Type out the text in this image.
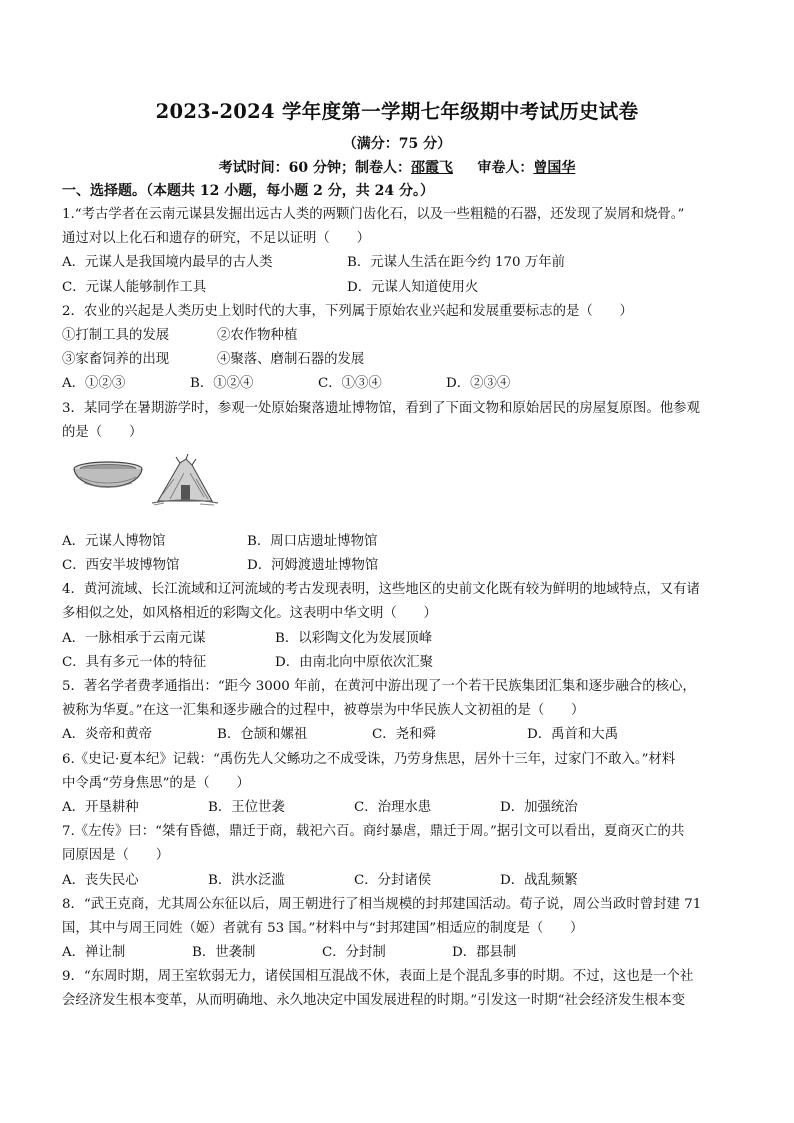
2023-2024 学年度第一学期七年级期中考试历史试卷
（满分：75 分）
考试时间：60 分钟；制卷人：邵霞飞 审卷人：曾国华
一、选择题。（本题共 12 小题，每小题 2 分，共 24 分。）
1.“考古学者在云南元谋县发掘出远古人类的两颗门齿化石，以及一些粗糙的石器，还发现了炭屑和烧骨。”
通过对以上化石和遗存的研究，不足以证明（　　）
A．元谋人是我国境内最早的古人类	B．元谋人生活在距今约 170 万年前
C．元谋人能够制作工具	D．元谋人知道使用火
2．农业的兴起是人类历史上划时代的大事，下列属于原始农业兴起和发展重要标志的是（　　）
①打制工具的发展	②农作物种植
③家畜饲养的出现	④聚落、磨制石器的发展
A．①②③	B．①②④	C．①③④	D．②③④
3．某同学在暑期游学时，参观一处原始聚落遗址博物馆，看到了下面文物和原始居民的房屋复原图。他参观
的是（　　）
A．元谋人博物馆	B．周口店遗址博物馆
C．西安半坡博物馆	D．河姆渡遗址博物馆
4．黄河流域、长江流域和辽河流域的考古发现表明，这些地区的史前文化既有较为鲜明的地域特点，又有诸
多相似之处，如风格相近的彩陶文化。这表明中华文明（　　）
A．一脉相承于云南元谋	B．以彩陶文化为发展顶峰
C．具有多元一体的特征	D．由南北向中原依次汇聚
5．著名学者费孝通指出：“距今 3000 年前，在黄河中游出现了一个若干民族集团汇集和逐步融合的核心，
被称为华夏。”在这一汇集和逐步融合的过程中，被尊崇为中华民族人文初祖的是（　　）
A．炎帝和黄帝	B．仓颉和嫘祖	C．尧和舜	D．禹首和大禹
6.《史记·夏本纪》记载：“禹伤先人父鲧功之不成受诛，乃劳身焦思，居外十三年，过家门不敢入。”材料
中令禹“劳身焦思”的是（　　）
A．开垦耕种	B．王位世袭	C．治理水患	D．加强统治
7.《左传》曰：“桀有昏德，鼎迁于商，载祀六百。商纣暴虐，鼎迁于周。”据引文可以看出，夏商灭亡的共
同原因是（　　）
A．丧失民心	B．洪水泛滥	C．分封诸侯	D．战乱频繁
8．“武王克商，尤其周公东征以后，周王朝进行了相当规模的封邦建国活动。荀子说，周公当政时曾封建 71
国，其中与周王同姓（姬）者就有 53 国。”材料中与“封邦建国”相适应的制度是（　　）
A．禅让制	B．世袭制	C．分封制	D．郡县制
9．“东周时期，周王室软弱无力，诸侯国相互混战不休，表面上是个混乱多事的时期。不过，这也是一个社
会经济发生根本变革，从而明确地、永久地决定中国发展进程的时期。”引发这一时期“社会经济发生根本变
